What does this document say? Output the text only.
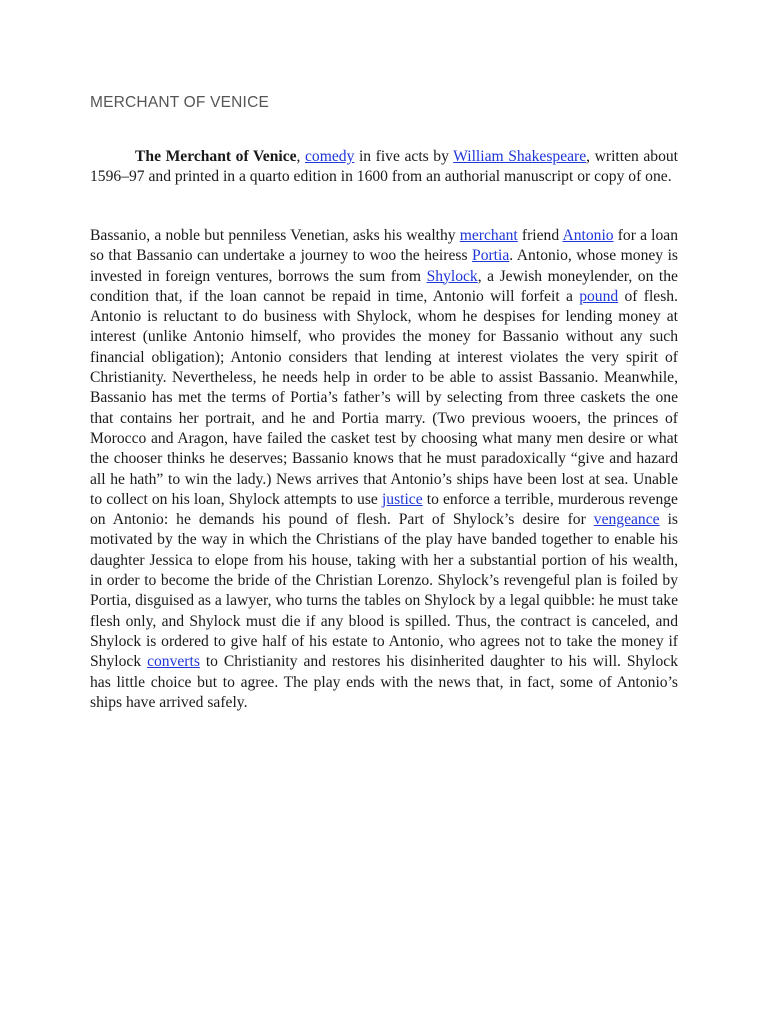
MERCHANT OF VENICE

The Merchant of Venice, comedy in five acts by William Shakespeare, written about 1596–97 and printed in a quarto edition in 1600 from an authorial manuscript or copy of one.

Bassanio, a noble but penniless Venetian, asks his wealthy merchant friend Antonio for a loan so that Bassanio can undertake a journey to woo the heiress Portia. Antonio, whose money is invested in foreign ventures, borrows the sum from Shylock, a Jewish moneylender, on the condition that, if the loan cannot be repaid in time, Antonio will forfeit a pound of flesh. Antonio is reluctant to do business with Shylock, whom he despises for lending money at interest (unlike Antonio himself, who provides the money for Bassanio without any such financial obligation); Antonio considers that lending at interest violates the very spirit of Christianity. Nevertheless, he needs help in order to be able to assist Bassanio. Meanwhile, Bassanio has met the terms of Portia’s father’s will by selecting from three caskets the one that contains her portrait, and he and Portia marry. (Two previous wooers, the princes of Morocco and Aragon, have failed the casket test by choosing what many men desire or what the chooser thinks he deserves; Bassanio knows that he must paradoxically “give and hazard all he hath” to win the lady.) News arrives that Antonio’s ships have been lost at sea. Unable to collect on his loan, Shylock attempts to use justice to enforce a terrible, murderous revenge on Antonio: he demands his pound of flesh. Part of Shylock’s desire for vengeance is motivated by the way in which the Christians of the play have banded together to enable his daughter Jessica to elope from his house, taking with her a substantial portion of his wealth, in order to become the bride of the Christian Lorenzo. Shylock’s revengeful plan is foiled by Portia, disguised as a lawyer, who turns the tables on Shylock by a legal quibble: he must take flesh only, and Shylock must die if any blood is spilled. Thus, the contract is canceled, and Shylock is ordered to give half of his estate to Antonio, who agrees not to take the money if Shylock converts to Christianity and restores his disinherited daughter to his will. Shylock has little choice but to agree. The play ends with the news that, in fact, some of Antonio’s ships have arrived safely.
